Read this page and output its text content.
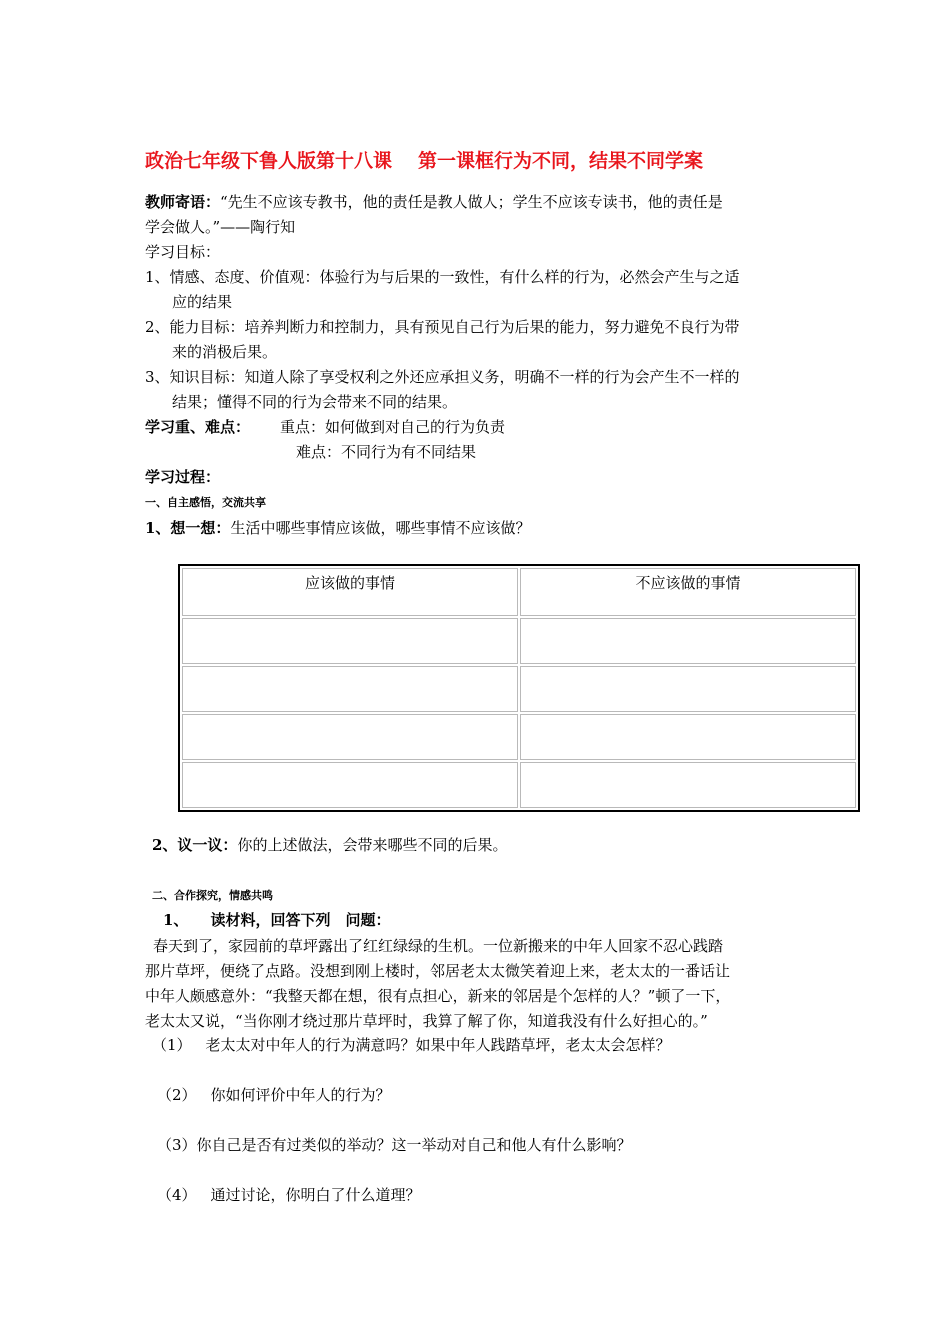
政治七年级下鲁人版第十八课 第一课框行为不同，结果不同学案
教师寄语：“先生不应该专教书，他的责任是教人做人；学生不应该专读书，他的责任是
学会做人。”——陶行知
学习目标：
1、情感、态度、价值观：体验行为与后果的一致性，有什么样的行为，必然会产生与之适
应的结果
2、能力目标：培养判断力和控制力，具有预见自己行为后果的能力，努力避免不良行为带
来的消极后果。
3、知识目标：知道人除了享受权利之外还应承担义务，明确不一样的行为会产生不一样的
结果；懂得不同的行为会带来不同的结果。
学习重、难点： 重点：如何做到对自己的行为负责
难点：不同行为有不同结果
学习过程：
一、自主感悟，交流共享
1、想一想：生活中哪些事情应该做，哪些事情不应该做？
应该做的事情	不应该做的事情

2、议一议：你的上述做法，会带来哪些不同的后果。
二、合作探究，情感共鸣
1、 读材料，回答下列　问题：
春天到了，家园前的草坪露出了红红绿绿的生机。一位新搬来的中年人回家不忍心践踏
那片草坪，便绕了点路。没想到刚上楼时，邻居老太太微笑着迎上来，老太太的一番话让
中年人颇感意外：“我整天都在想，很有点担心，新来的邻居是个怎样的人？”顿了一下，
老太太又说，“当你刚才绕过那片草坪时，我算了解了你，知道我没有什么好担心的。”
（1） 老太太对中年人的行为满意吗？如果中年人践踏草坪，老太太会怎样？
（2） 你如何评价中年人的行为？
（3）你自己是否有过类似的举动？这一举动对自己和他人有什么影响？
（4） 通过讨论，你明白了什么道理？
